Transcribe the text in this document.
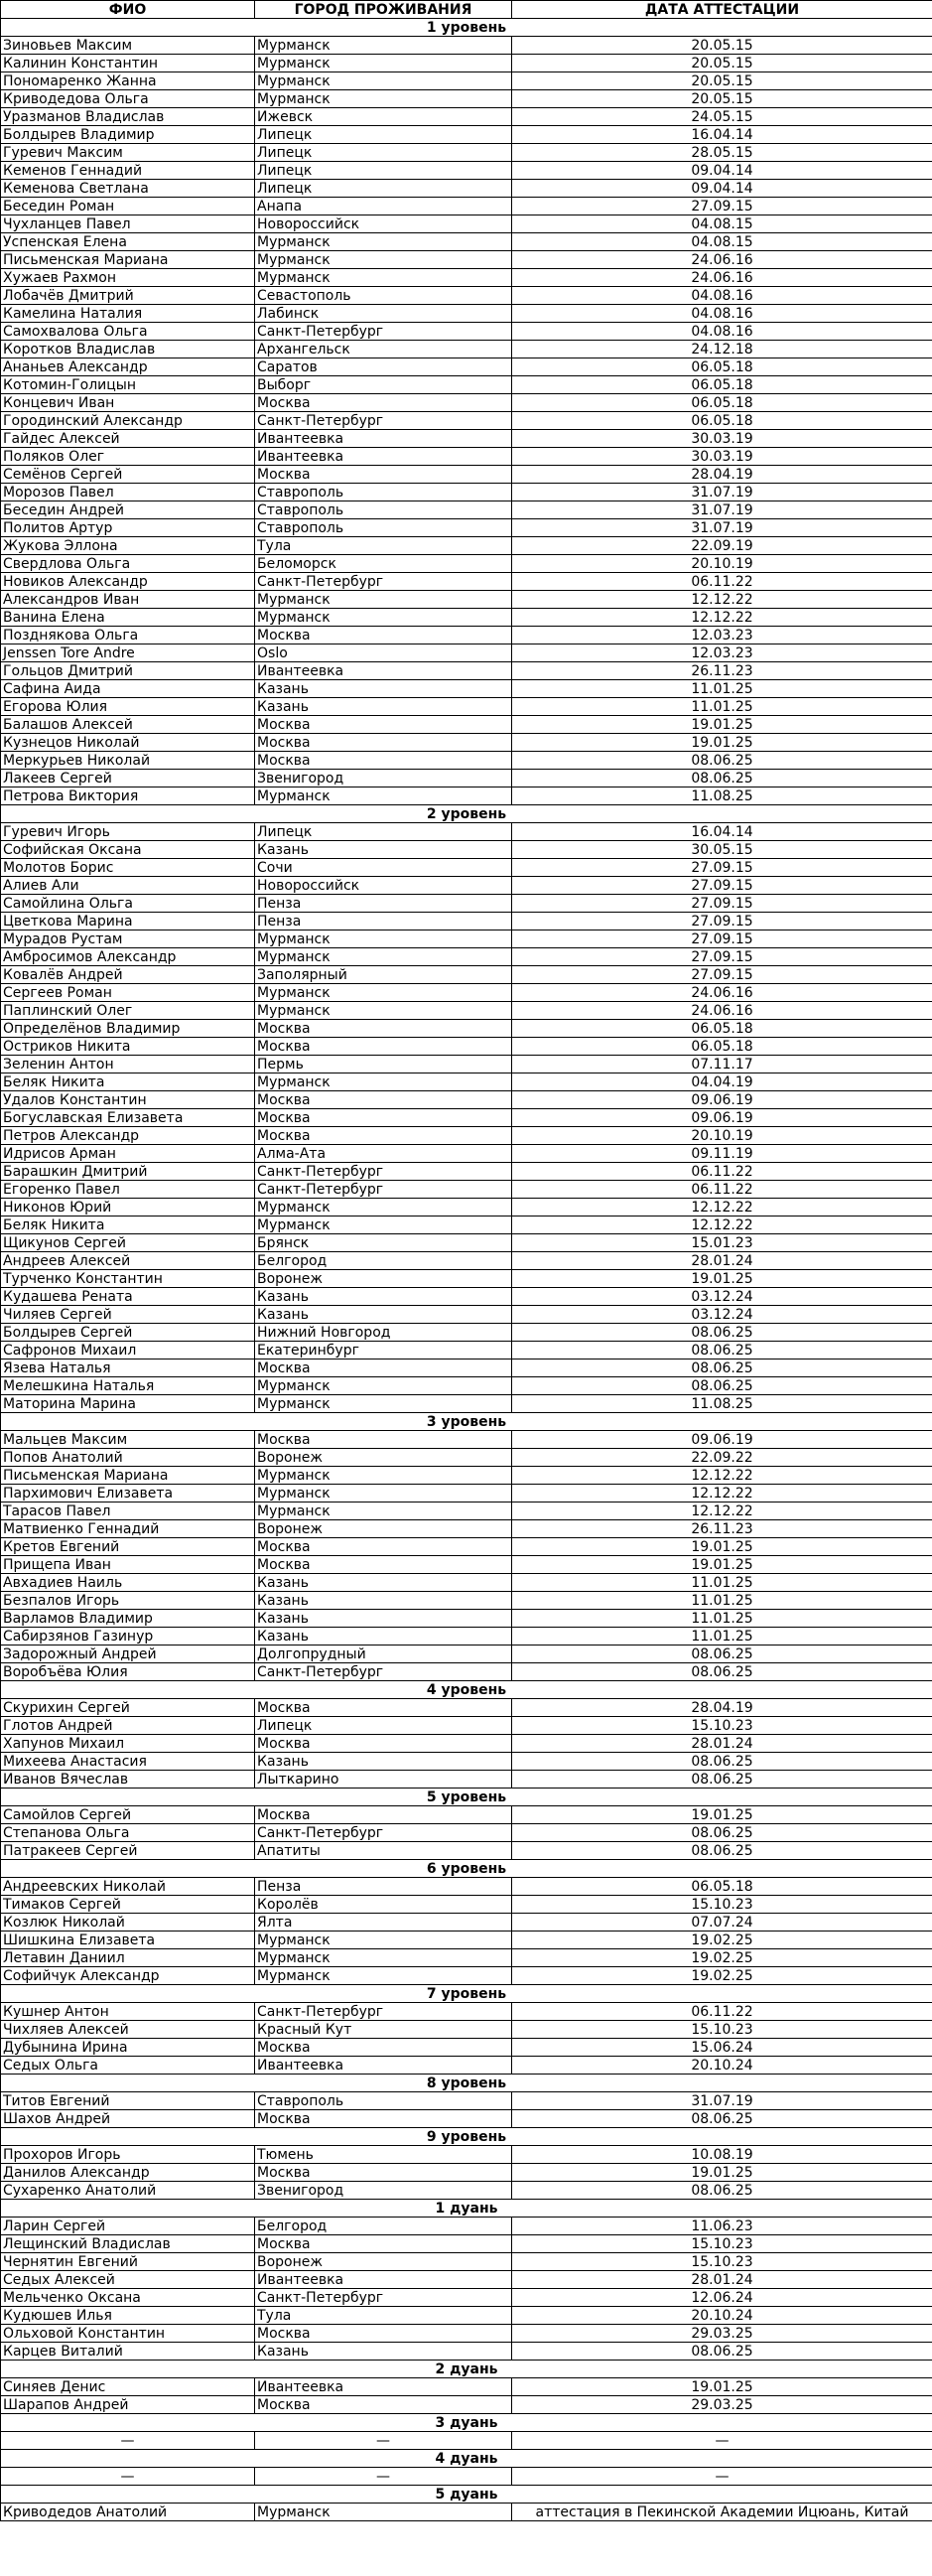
ФИО	ГОРОД ПРОЖИВАНИЯ	ДАТА АТТЕСТАЦИИ
1 уровень		
Зиновьев Максим	Мурманск	20.05.15
Калинин Константин	Мурманск	20.05.15
Пономаренко Жанна	Мурманск	20.05.15
Криводедова Ольга	Мурманск	20.05.15
Уразманов Владислав	Ижевск	24.05.15
Болдырев Владимир	Липецк	16.04.14
Гуревич Максим	Липецк	28.05.15
Кеменов Геннадий	Липецк	09.04.14
Кеменова Светлана	Липецк	09.04.14
Беседин Роман	Анапа	27.09.15
Чухланцев Павел	Новороссийск	04.08.15
Успенская Елена	Мурманск	04.08.15
Письменская Мариана	Мурманск	24.06.16
Хужаев Рахмон	Мурманск	24.06.16
Лобачёв Дмитрий	Севастополь	04.08.16
Камелина Наталия	Лабинск	04.08.16
Самохвалова Ольга	Санкт-Петербург	04.08.16
Коротков Владислав	Архангельск	24.12.18
Ананьев Александр	Саратов	06.05.18
Котомин-Голицын	Выборг	06.05.18
Концевич Иван	Москва	06.05.18
Городинский Александр	Санкт-Петербург	06.05.18
Гайдес Алексей	Ивантеевка	30.03.19
Поляков Олег	Ивантеевка	30.03.19
Семёнов Сергей	Москва	28.04.19
Морозов Павел	Ставрополь	31.07.19
Беседин Андрей	Ставрополь	31.07.19
Политов Артур	Ставрополь	31.07.19
Жукова Эллона	Тула	22.09.19
Свердлова Ольга	Беломорск	20.10.19
Новиков Александр	Санкт-Петербург	06.11.22
Александров Иван	Мурманск	12.12.22
Ванина Елена	Мурманск	12.12.22
Позднякова Ольга	Москва	12.03.23
Jenssen Tore Andre	Oslo	12.03.23
Гольцов Дмитрий	Ивантеевка	26.11.23
Сафина Аида	Казань	11.01.25
Егорова Юлия	Казань	11.01.25
Балашов Алексей	Москва	19.01.25
Кузнецов Николай	Москва	19.01.25
Меркурьев Николай	Москва	08.06.25
Лакеев Сергей	Звенигород	08.06.25
Петрова Виктория	Мурманск	11.08.25
2 уровень		
Гуревич Игорь	Липецк	16.04.14
Софийская Оксана	Казань	30.05.15
Молотов Борис	Сочи	27.09.15
Алиев Али	Новороссийск	27.09.15
Самойлина Ольга	Пенза	27.09.15
Цветкова Марина	Пенза	27.09.15
Мурадов Рустам	Мурманск	27.09.15
Амбросимов Александр	Мурманск	27.09.15
Ковалёв Андрей	Заполярный	27.09.15
Сергеев Роман	Мурманск	24.06.16
Паплинский Олег	Мурманск	24.06.16
Определёнов Владимир	Москва	06.05.18
Остриков Никита	Москва	06.05.18
Зеленин Антон	Пермь	07.11.17
Беляк Никита	Мурманск	04.04.19
Удалов Константин	Москва	09.06.19
Богуславская Елизавета	Москва	09.06.19
Петров Александр	Москва	20.10.19
Идрисов Арман	Алма-Ата	09.11.19
Барашкин Дмитрий	Санкт-Петербург	06.11.22
Егоренко Павел	Санкт-Петербург	06.11.22
Никонов Юрий	Мурманск	12.12.22
Беляк Никита	Мурманск	12.12.22
Щикунов Сергей	Брянск	15.01.23
Андреев Алексей	Белгород	28.01.24
Турченко Константин	Воронеж	19.01.25
Кудашева Рената	Казань	03.12.24
Чиляев Сергей	Казань	03.12.24
Болдырев Сергей	Нижний Новгород	08.06.25
Сафронов Михаил	Екатеринбург	08.06.25
Язева Наталья	Москва	08.06.25
Мелешкина Наталья	Мурманск	08.06.25
Маторина Марина	Мурманск	11.08.25
3 уровень		
Мальцев Максим	Москва	09.06.19
Попов Анатолий	Воронеж	22.09.22
Письменская Мариана	Мурманск	12.12.22
Пархимович Елизавета	Мурманск	12.12.22
Тарасов Павел	Мурманск	12.12.22
Матвиенко Геннадий	Воронеж	26.11.23
Кретов Евгений	Москва	19.01.25
Прищепа Иван	Москва	19.01.25
Авхадиев Наиль	Казань	11.01.25
Безпалов Игорь	Казань	11.01.25
Варламов Владимир	Казань	11.01.25
Сабирзянов Газинур	Казань	11.01.25
Задорожный Андрей	Долгопрудный	08.06.25
Воробъёва Юлия	Санкт-Петербург	08.06.25
4 уровень		
Скурихин Сергей	Москва	28.04.19
Глотов Андрей	Липецк	15.10.23
Хапунов Михаил	Москва	28.01.24
Михеева Анастасия	Казань	08.06.25
Иванов Вячеслав	Лыткарино	08.06.25
5 уровень		
Самойлов Сергей	Москва	19.01.25
Степанова Ольга	Санкт-Петербург	08.06.25
Патракеев Сергей	Апатиты	08.06.25
6 уровень		
Андреевских Николай	Пенза	06.05.18
Тимаков Сергей	Королёв	15.10.23
Козлюк Николай	Ялта	07.07.24
Шишкина Елизавета	Мурманск	19.02.25
Летавин Даниил	Мурманск	19.02.25
Софийчук Александр	Мурманск	19.02.25
7 уровень		
Кушнер Антон	Санкт-Петербург	06.11.22
Чихляев Алексей	Красный Кут	15.10.23
Дубынина Ирина	Москва	15.06.24
Седых Ольга	Ивантеевка	20.10.24
8 уровень		
Титов Евгений	Ставрополь	31.07.19
Шахов Андрей	Москва	08.06.25
9 уровень		
Прохоров Игорь	Тюмень	10.08.19
Данилов Александр	Москва	19.01.25
Сухаренко Анатолий	Звенигород	08.06.25
1 дуань		
Ларин Сергей	Белгород	11.06.23
Лещинский Владислав	Москва	15.10.23
Чернятин Евгений	Воронеж	15.10.23
Седых Алексей	Ивантеевка	28.01.24
Мельченко Оксана	Санкт-Петербург	12.06.24
Кудюшев Илья	Тула	20.10.24
Ольховой Константин	Москва	29.03.25
Карцев Виталий	Казань	08.06.25
2 дуань		
Синяев Денис	Ивантеевка	19.01.25
Шарапов Андрей	Москва	29.03.25
3 дуань		
—	—	—
4 дуань		
—	—	—
5 дуань		
Криводедов Анатолий	Мурманск	аттестация в Пекинской Академии Ицюань, Китай
